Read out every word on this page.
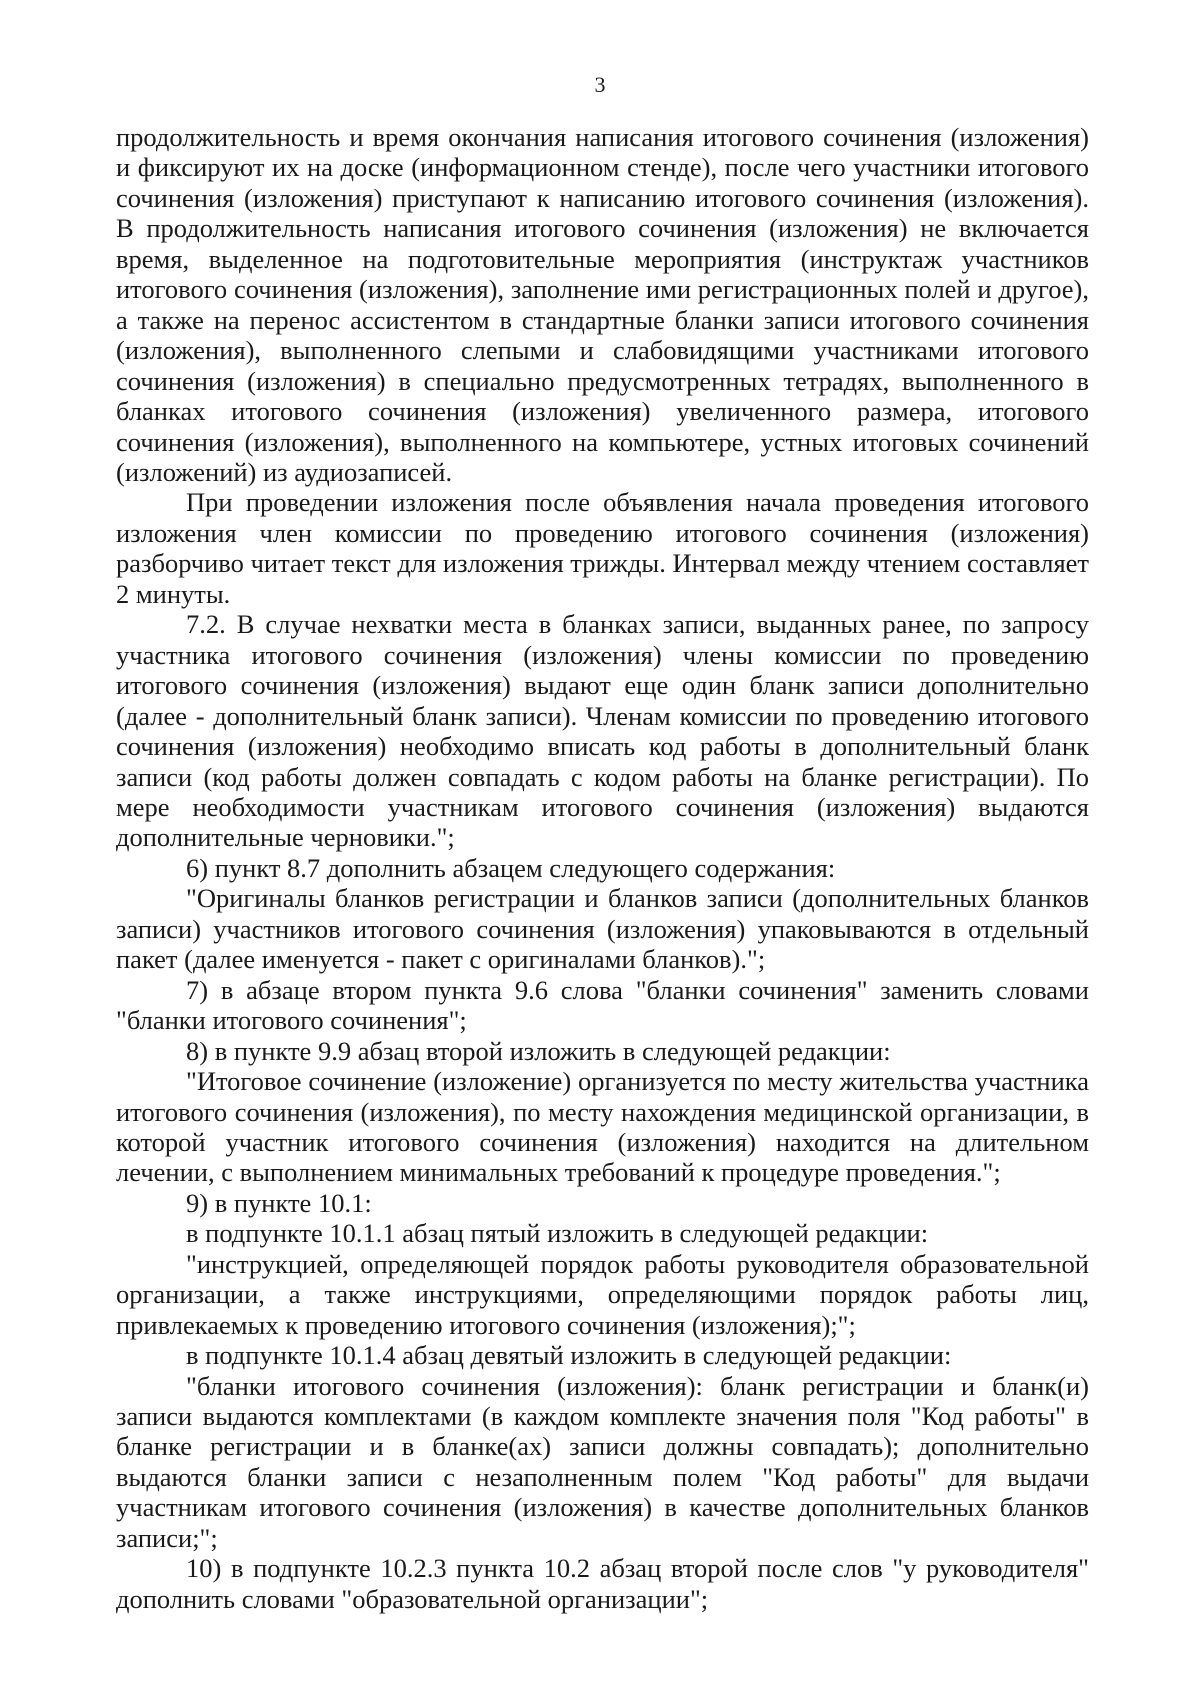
3

продолжительность и время окончания написания итогового сочинения (изложения) и фиксируют их на доске (информационном стенде), после чего участники итогового сочинения (изложения) приступают к написанию итогового сочинения (изложения). В продолжительность написания итогового сочинения (изложения) не включается время, выделенное на подготовительные мероприятия (инструктаж участников итогового сочинения (изложения), заполнение ими регистрационных полей и другое), а также на перенос ассистентом в стандартные бланки записи итогового сочинения (изложения), выполненного слепыми и слабовидящими участниками итогового сочинения (изложения) в специально предусмотренных тетрадях, выполненного в бланках итогового сочинения (изложения) увеличенного размера, итогового сочинения (изложения), выполненного на компьютере, устных итоговых сочинений (изложений) из аудиозаписей.

При проведении изложения после объявления начала проведения итогового изложения член комиссии по проведению итогового сочинения (изложения) разборчиво читает текст для изложения трижды. Интервал между чтением составляет 2 минуты.

7.2. В случае нехватки места в бланках записи, выданных ранее, по запросу участника итогового сочинения (изложения) члены комиссии по проведению итогового сочинения (изложения) выдают еще один бланк записи дополнительно (далее - дополнительный бланк записи). Членам комиссии по проведению итогового сочинения (изложения) необходимо вписать код работы в дополнительный бланк записи (код работы должен совпадать с кодом работы на бланке регистрации). По мере необходимости участникам итогового сочинения (изложения) выдаются дополнительные черновики.";

6) пункт 8.7 дополнить абзацем следующего содержания:

"Оригиналы бланков регистрации и бланков записи (дополнительных бланков записи) участников итогового сочинения (изложения) упаковываются в отдельный пакет (далее именуется - пакет с оригиналами бланков).";

7) в абзаце втором пункта 9.6 слова "бланки сочинения" заменить словами "бланки итогового сочинения";

8) в пункте 9.9 абзац второй изложить в следующей редакции:

"Итоговое сочинение (изложение) организуется по месту жительства участника итогового сочинения (изложения), по месту нахождения медицинской организации, в которой участник итогового сочинения (изложения) находится на длительном лечении, с выполнением минимальных требований к процедуре проведения.";

9) в пункте 10.1:

в подпункте 10.1.1 абзац пятый изложить в следующей редакции:

"инструкцией, определяющей порядок работы руководителя образовательной организации, а также инструкциями, определяющими порядок работы лиц, привлекаемых к проведению итогового сочинения (изложения);";

в подпункте 10.1.4 абзац девятый изложить в следующей редакции:

"бланки итогового сочинения (изложения): бланк регистрации и бланк(и) записи выдаются комплектами (в каждом комплекте значения поля "Код работы" в бланке регистрации и в бланке(ах) записи должны совпадать); дополнительно выдаются бланки записи с незаполненным полем "Код работы" для выдачи участникам итогового сочинения (изложения) в качестве дополнительных бланков записи;";

10) в подпункте 10.2.3 пункта 10.2 абзац второй после слов "у руководителя" дополнить словами "образовательной организации";
